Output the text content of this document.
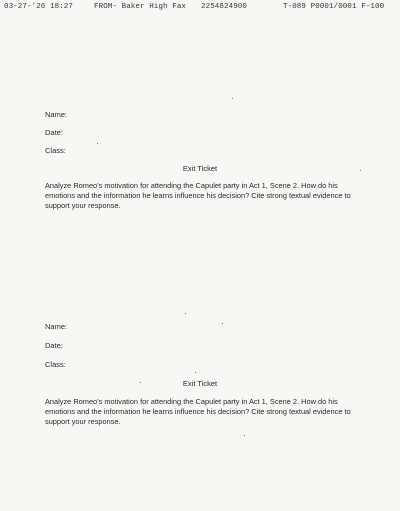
03-27-'26 18:27	FROM- Baker High Fax 2254824900	T-089 P0001/0001 F-100
Name:
Date:
Class:
Exit Ticket
Analyze Romeo's motivation for attending the Capulet party in Act 1, Scene 2. How do his emotions and the information he learns influence his decision? Cite strong textual evidence to support your response.
Name:
Date:
Class:
Exit Ticket
Analyze Romeo's motivation for attending the Capulet party in Act 1, Scene 2. How do his emotions and the information he learns influence his decision? Cite strong textual evidence to support your response.
